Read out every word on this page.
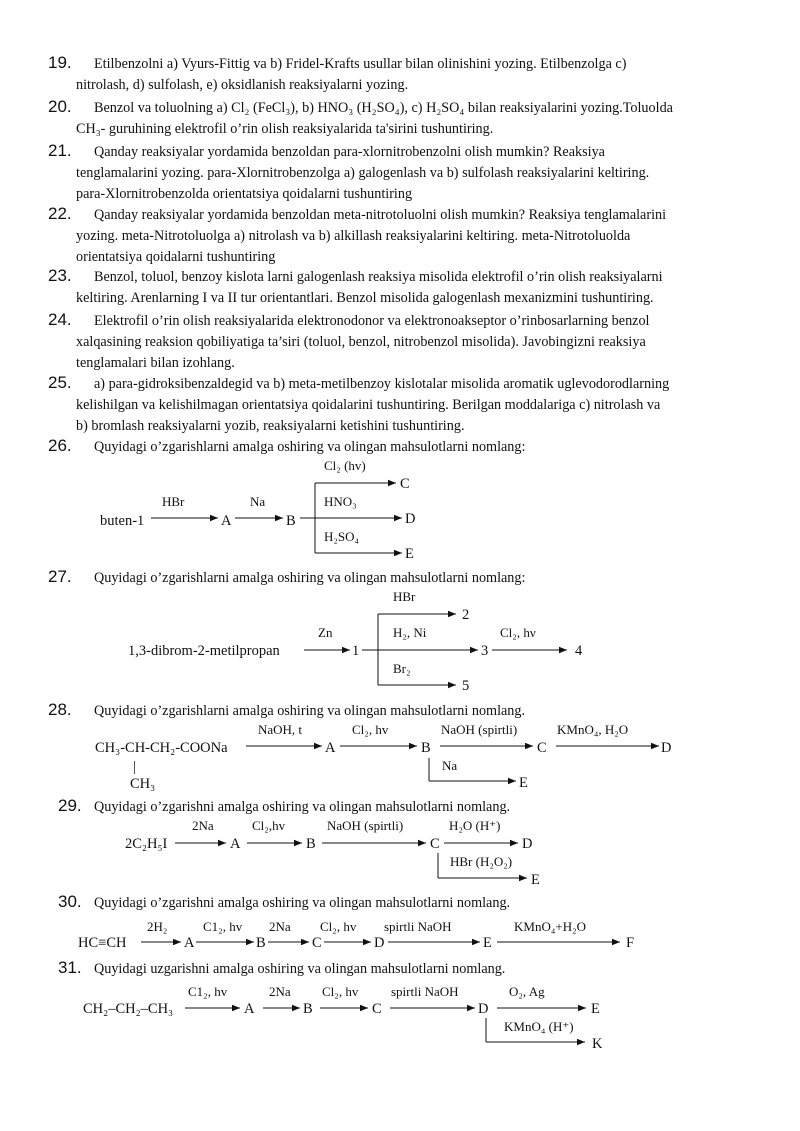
19. Etilbenzolni a) Vyurs-Fittig va b) Fridel-Krafts usullar bilan olinishini yozing. Etilbenzolga c)
nitrolash, d) sulfolash, e) oksidlanish reaksiyalarni yozing.
20. Benzol va toluolning a) Cl₂ (FeCl₃), b) HNO₃ (H₂SO₄), c) H₂SO₄ bilan reaksiyalarini yozing.Toluolda
CH₃- guruhining elektrofil o’rin olish reaksiyalarida ta'sirini tushuntiring.
21. Qanday reaksiyalar yordamida benzoldan para-xlornitrobenzolni olish mumkin? Reaksiya
tenglamalarini yozing. para-Xlornitrobenzolga a) galogenlash va b) sulfolash reaksiyalarini keltiring.
para-Xlornitrobenzolda orientatsiya qoidalarni tushuntiring
22. Qanday reaksiyalar yordamida benzoldan meta-nitrotoluolni olish mumkin? Reaksiya tenglamalarini
yozing. meta-Nitrotoluolga a) nitrolash va b) alkillash reaksiyalarini keltiring. meta-Nitrotoluolda
orientatsiya qoidalarni tushuntiring
23. Benzol, toluol, benzoy kislota larni galogenlash reaksiya misolida elektrofil o’rin olish reaksiyalarni
keltiring. Arenlarning I va II tur orientantlari. Benzol misolida galogenlash mexanizmini tushuntiring.
24. Elektrofil o’rin olish reaksiyalarida elektronodonor va elektronoakseptor o’rinbosarlarning benzol
xalqasining reaksion qobiliyatiga ta’siri (toluol, benzol, nitrobenzol misolida). Javobingizni reaksiya
tenglamalari bilan izohlang.
25. a) para-gidroksibenzaldegid va b) meta-metilbenzoy kislotalar misolida aromatik uglevodorodlarning
kelishilgan va kelishilmagan orientatsiya qoidalarini tushuntiring. Berilgan moddalariga c) nitrolash va
b) bromlash reaksiyalarni yozib, reaksiyalarni ketishini tushuntiring.
26. Quyidagi o’zgarishlarni amalga oshiring va olingan mahsulotlarni nomlang:
buten-1
HBr
A
Na
B
Cl₂ (hv)
HNO₃
H₂SO₄
C
D
E
1,3-dibrom-2-metilpropan
Zn
1
HBr
H₂, Ni
Br₂
2
3
5
Cl₂, hν
4
CH₃-CH-CH₂-COONa
|
CH₃
NaOH, t
A
Cl₂, hv
B
NaOH (spirtli)
C
KMnO₄, H₂O
D
Na
E
2C₂H₅I
2Na
A
Cl₂,hv
B
NaOH (spirtli)
C
H₂O (H⁺)
D
HBr (H₂O₂)
E
HC≡CH
2H₂
A
C1₂, hv
B
2Na
C
Cl₂, hv
D
spirtli NaOH
E
KMnO₄+H₂O
F
CH₂–CH₂–CH₃
C1₂, hv
A
2Na
B
Cl₂, hv
C
spirtli NaOH
D
O₂, Ag
E
KMnO₄ (H⁺)
K
27. Quyidagi o’zgarishlarni amalga oshiring va olingan mahsulotlarni nomlang:
28. Quyidagi o’zgarishlarni amalga oshiring va olingan mahsulotlarni nomlang.
29. Quyidagi o’zgarishni amalga oshiring va olingan mahsulotlarni nomlang.
30. Quyidagi o’zgarishni amalga oshiring va olingan mahsulotlarni nomlang.
31. Quyidagi uzgarishni amalga oshiring va olingan mahsulotlarni nomlang.
